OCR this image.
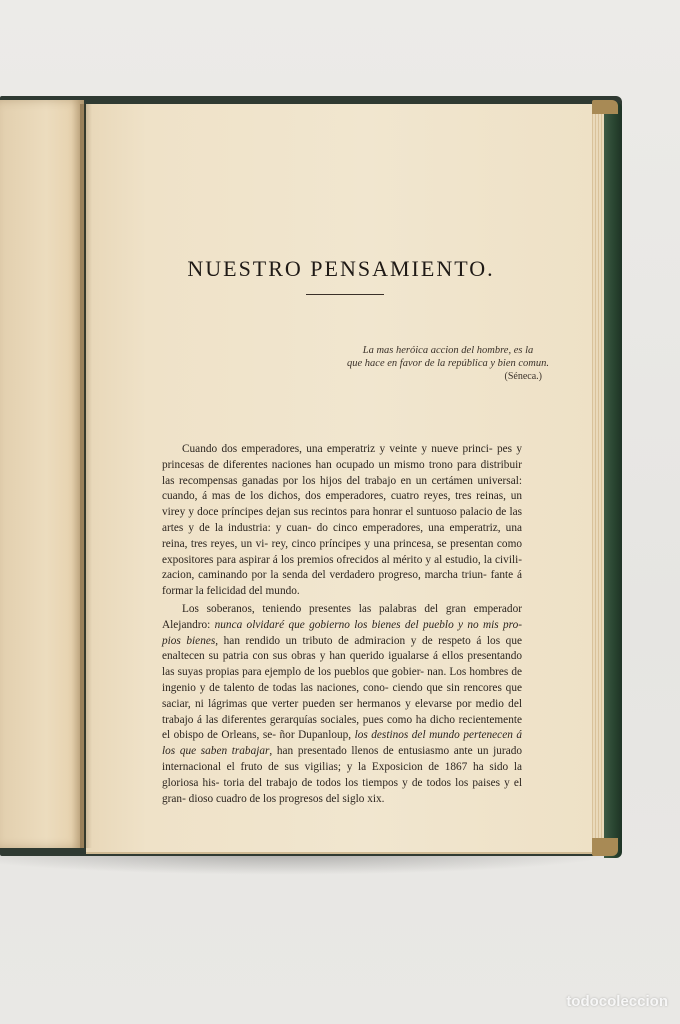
NUESTRO PENSAMIENTO.
La mas heróica accion del hombre, es la
que hace en favor de la república y bien comun.
(Séneca.)
Cuando dos emperadores, una emperatriz y veinte y nueve princi- pes y princesas de diferentes naciones han ocupado un mismo trono para distribuir las recompensas ganadas por los hijos del trabajo en un certámen universal: cuando, á mas de los dichos, dos emperadores, cuatro reyes, tres reinas, un virey y doce príncipes dejan sus recintos para honrar el suntuoso palacio de las artes y de la industria: y cuan- do cinco emperadores, una emperatriz, una reina, tres reyes, un vi- rey, cinco príncipes y una princesa, se presentan como expositores para aspirar á los premios ofrecidos al mérito y al estudio, la civili- zacion, caminando por la senda del verdadero progreso, marcha triun- fante á formar la felicidad del mundo.
Los soberanos, teniendo presentes las palabras del gran emperador Alejandro: nunca olvidaré que gobierno los bienes del pueblo y no mis pro- pios bienes, han rendido un tributo de admiracion y de respeto á los que enaltecen su patria con sus obras y han querido igualarse á ellos presentando las suyas propias para ejemplo de los pueblos que gobier- nan. Los hombres de ingenio y de talento de todas las naciones, cono- ciendo que sin rencores que saciar, ni lágrimas que verter pueden ser hermanos y elevarse por medio del trabajo á las diferentes gerarquías sociales, pues como ha dicho recientemente el obispo de Orleans, se- ñor Dupanloup, los destinos del mundo pertenecen á los que saben trabajar, han presentado llenos de entusiasmo ante un jurado internacional el fruto de sus vigilias; y la Exposicion de 1867 ha sido la gloriosa his- toria del trabajo de todos los tiempos y de todos los paises y el gran- dioso cuadro de los progresos del siglo xix.
todocoleccion
